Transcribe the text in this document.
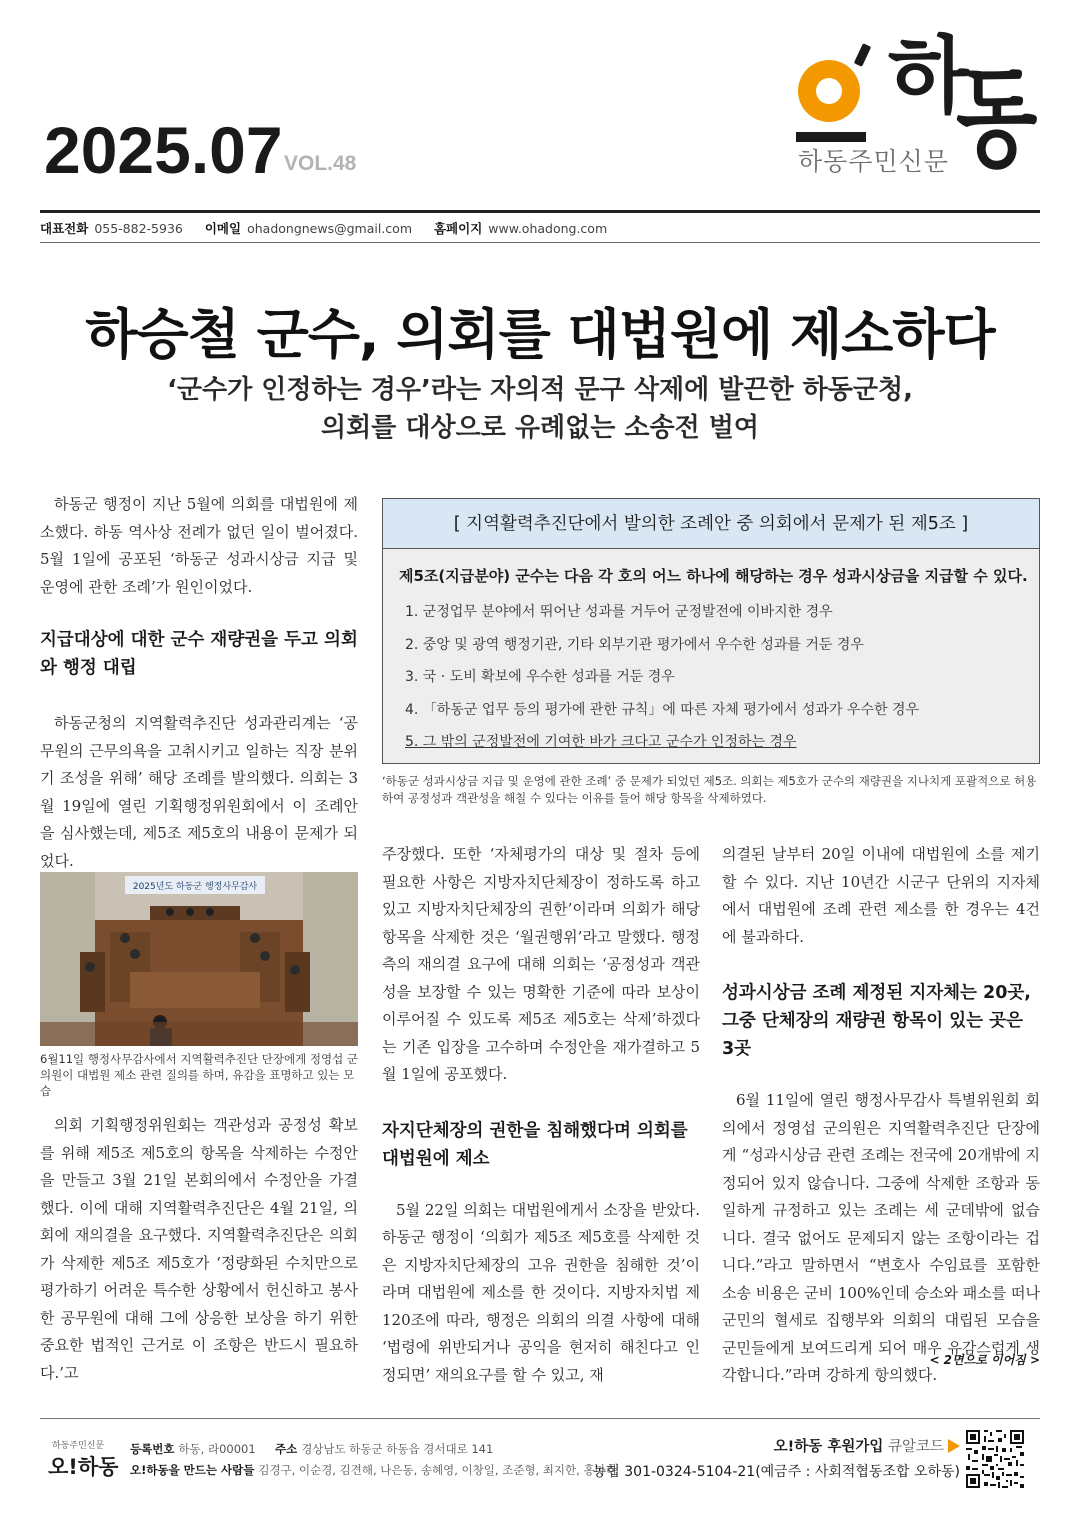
2025.07 VOL.48
하
동
하동주민신문
대표전화 055-882-5936 이메일 ohadongnews@gmail.com 홈페이지 www.ohadong.com
하승철 군수, 의회를 대법원에 제소하다
‘군수가 인정하는 경우’라는 자의적 문구 삭제에 발끈한 하동군청,
의회를 대상으로 유례없는 소송전 벌여

하동군 행정이 지난 5월에 의회를 대법원에 제소했다. 하동 역사상 전례가 없던 일이 벌어졌다. 5월 1일에 공포된 ‘하동군 성과시상금 지급 및 운영에 관한 조례’가 원인이었다.

지급대상에 대한 군수 재량권을 두고 의회와 행정 대립

하동군청의 지역활력추진단 성과관리계는 ‘공무원의 근무의욕을 고취시키고 일하는 직장 분위기 조성을 위해’ 해당 조례를 발의했다. 의회는 3월 19일에 열린 기획행정위원회에서 이 조례안을 심사했는데, 제5조 제5호의 내용이 문제가 되었다.

2025년도 하동군 행정사무감사
6월11일 행정사무감사에서 지역활력추진단 단장에게 정영섭 군의원이 대법원 제소 관련 질의를 하며, 유감을 표명하고 있는 모습

의회 기획행정위원회는 객관성과 공정성 확보를 위해 제5조 제5호의 항목을 삭제하는 수정안을 만들고 3월 21일 본회의에서 수정안을 가결했다. 이에 대해 지역활력추진단은 4월 21일, 의회에 재의결을 요구했다. 지역활력추진단은 의회가 삭제한 제5조 제5호가 ‘정량화된 수치만으로 평가하기 어려운 특수한 상황에서 헌신하고 봉사한 공무원에 대해 그에 상응한 보상을 하기 위한 중요한 법적인 근거로 이 조항은 반드시 필요하다.’고

[ 지역활력추진단에서 발의한 조례안 중 의회에서 문제가 된 제5조 ]
제5조(지급분야) 군수는 다음 각 호의 어느 하나에 해당하는 경우 성과시상금을 지급할 수 있다.
1. 군정업무 분야에서 뛰어난 성과를 거두어 군정발전에 이바지한 경우
2. 중앙 및 광역 행정기관, 기타 외부기관 평가에서 우수한 성과를 거둔 경우
3. 국 · 도비 확보에 우수한 성과를 거둔 경우
4. 「하동군 업무 등의 평가에 관한 규칙」에 따른 자체 평가에서 성과가 우수한 경우
5. 그 밖의 군정발전에 기여한 바가 크다고 군수가 인정하는 경우
‘하동군 성과시상금 지급 및 운영에 관한 조례’ 중 문제가 되었던 제5조. 의회는 제5호가 군수의 재량권을 지나치게 포괄적으로 허용하여 공정성과 객관성을 해칠 수 있다는 이유를 들어 해당 항목을 삭제하였다.

주장했다. 또한 ‘자체평가의 대상 및 절차 등에 필요한 사항은 지방자치단체장이 정하도록 하고 있고 지방자치단체장의 권한’이라며 의회가 해당 항목을 삭제한 것은 ‘월권행위’라고 말했다. 행정 측의 재의결 요구에 대해 의회는 ‘공정성과 객관성을 보장할 수 있는 명확한 기준에 따라 보상이 이루어질 수 있도록 제5조 제5호는 삭제’하겠다는 기존 입장을 고수하며 수정안을 재가결하고 5월 1일에 공포했다.

자지단체장의 권한을 침해했다며 의회를 대법원에 제소

5월 22일 의회는 대법원에게서 소장을 받았다. 하동군 행정이 ‘의회가 제5조 제5호를 삭제한 것은 지방자치단체장의 고유 권한을 침해한 것’이라며 대법원에 제소를 한 것이다. 지방자치법 제120조에 따라, 행정은 의회의 의결 사항에 대해 ‘법령에 위반되거나 공익을 현저히 해친다고 인정되면’ 재의요구를 할 수 있고, 재

의결된 날부터 20일 이내에 대법원에 소를 제기할 수 있다. 지난 10년간 시군구 단위의 지자체에서 대법원에 조례 관련 제소를 한 경우는 4건에 불과하다.

성과시상금 조례 제정된 지자체는 20곳, 그중 단체장의 재량권 항목이 있는 곳은 3곳

6월 11일에 열린 행정사무감사 특별위원회 회의에서 정영섭 군의원은 지역활력추진단 단장에게 “성과시상금 관련 조례는 전국에 20개밖에 지정되어 있지 않습니다. 그중에 삭제한 조항과 동일하게 규정하고 있는 조례는 세 군데밖에 없습니다. 결국 없어도 문제되지 않는 조항이라는 겁니다.”라고 말하면서 “변호사 수임료를 포함한 소송 비용은 군비 100%인데 승소와 패소를 떠나 군민의 혈세로 집행부와 의회의 대립된 모습을 군민들에게 보여드리게 되어 매우 유감스럽게 생각합니다.”라며 강하게 항의했다.

< 2면으로 이어짐 >
하동주민신문
오!하동
등록번호 하동, 라00001 주소 경상남도 하동군 하동읍 경서대로 141
오!하동을 만드는 사람들 김경구, 이순경, 김견해, 나은동, 송혜영, 이창일, 조준형, 최지한, 홍마리
오!하동 후원가입 큐알코드
농협 301-0324-5104-21(예금주 : 사회적협동조합 오하동)
